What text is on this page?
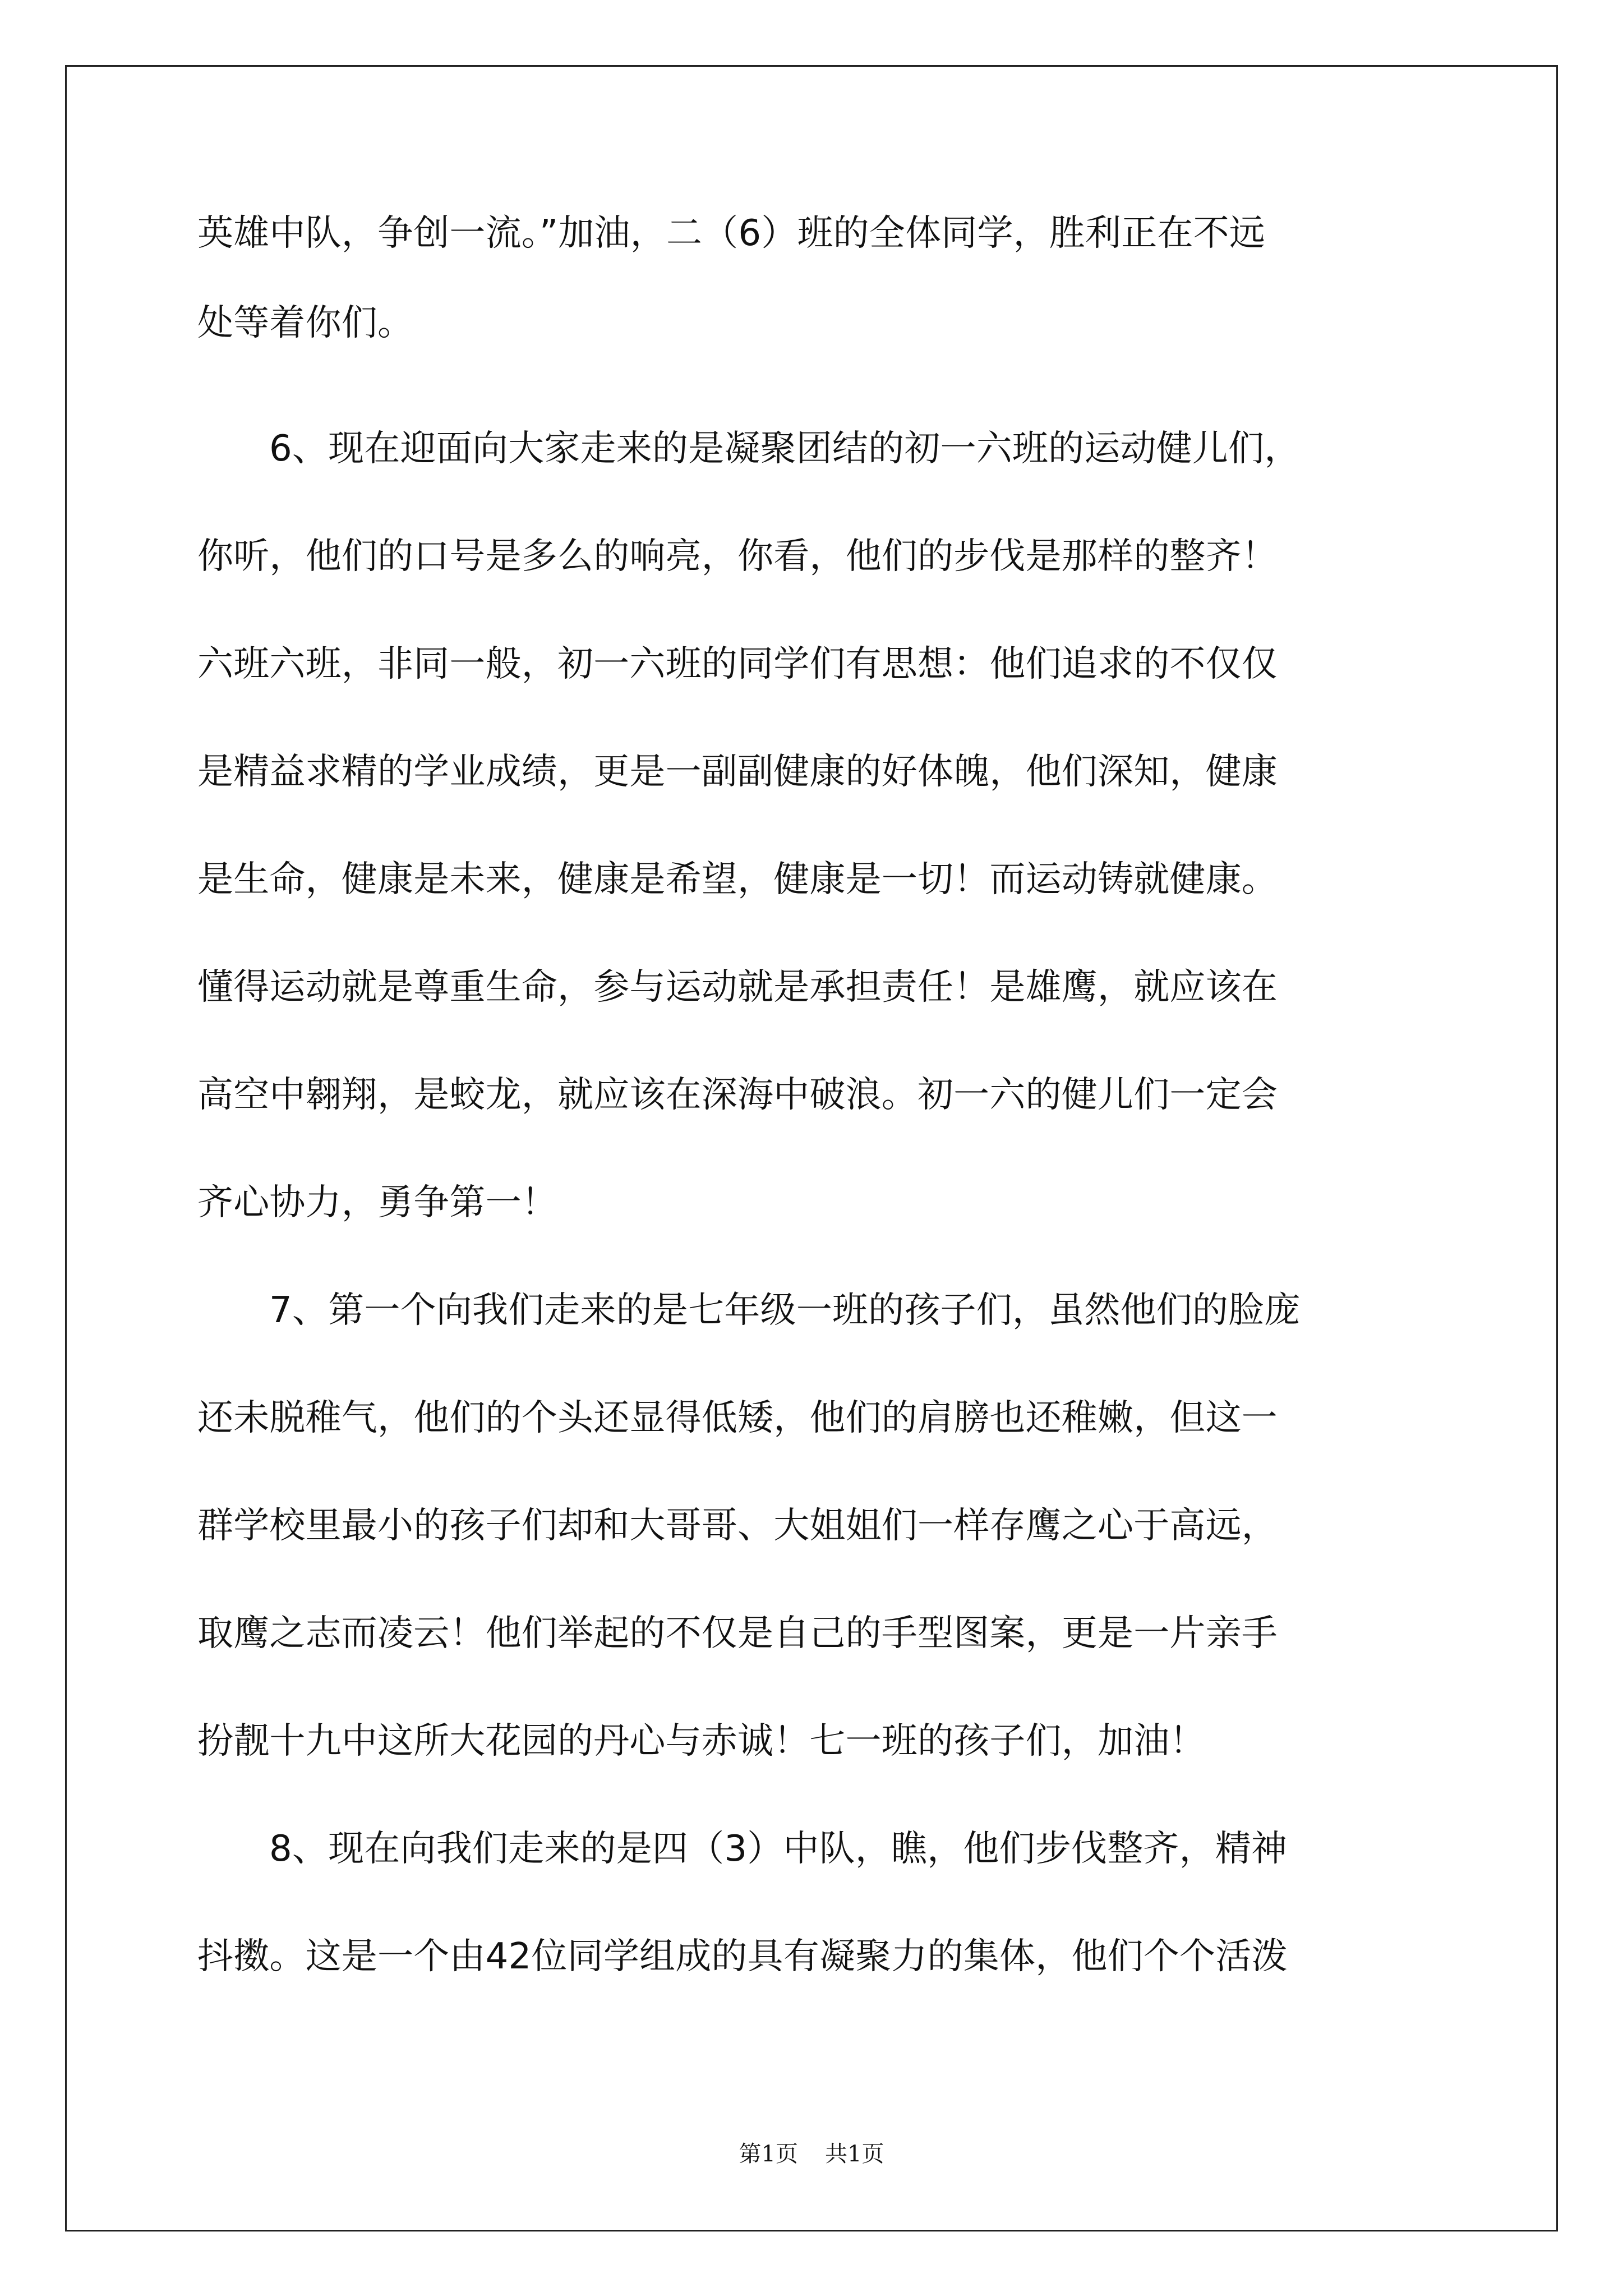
英雄中队，争创一流。”加油，二（6）班的全体同学，胜利正在不远
处等着你们。
6、现在迎面向大家走来的是凝聚团结的初一六班的运动健儿们，
你听，他们的口号是多么的响亮，你看，他们的步伐是那样的整齐！
六班六班，非同一般，初一六班的同学们有思想：他们追求的不仅仅
是精益求精的学业成绩，更是一副副健康的好体魄，他们深知，健康
是生命，健康是未来，健康是希望，健康是一切！而运动铸就健康。
懂得运动就是尊重生命，参与运动就是承担责任！是雄鹰，就应该在
高空中翱翔，是蛟龙，就应该在深海中破浪。初一六的健儿们一定会
齐心协力，勇争第一！
7、第一个向我们走来的是七年级一班的孩子们，虽然他们的脸庞
还未脱稚气，他们的个头还显得低矮，他们的肩膀也还稚嫩，但这一
群学校里最小的孩子们却和大哥哥、大姐姐们一样存鹰之心于高远，
取鹰之志而凌云！他们举起的不仅是自己的手型图案，更是一片亲手
扮靓十九中这所大花园的丹心与赤诚！七一班的孩子们，加油！
8、现在向我们走来的是四（3）中队，瞧，他们步伐整齐，精神
抖擞。这是一个由42位同学组成的具有凝聚力的集体，他们个个活泼
第1页 共1页
